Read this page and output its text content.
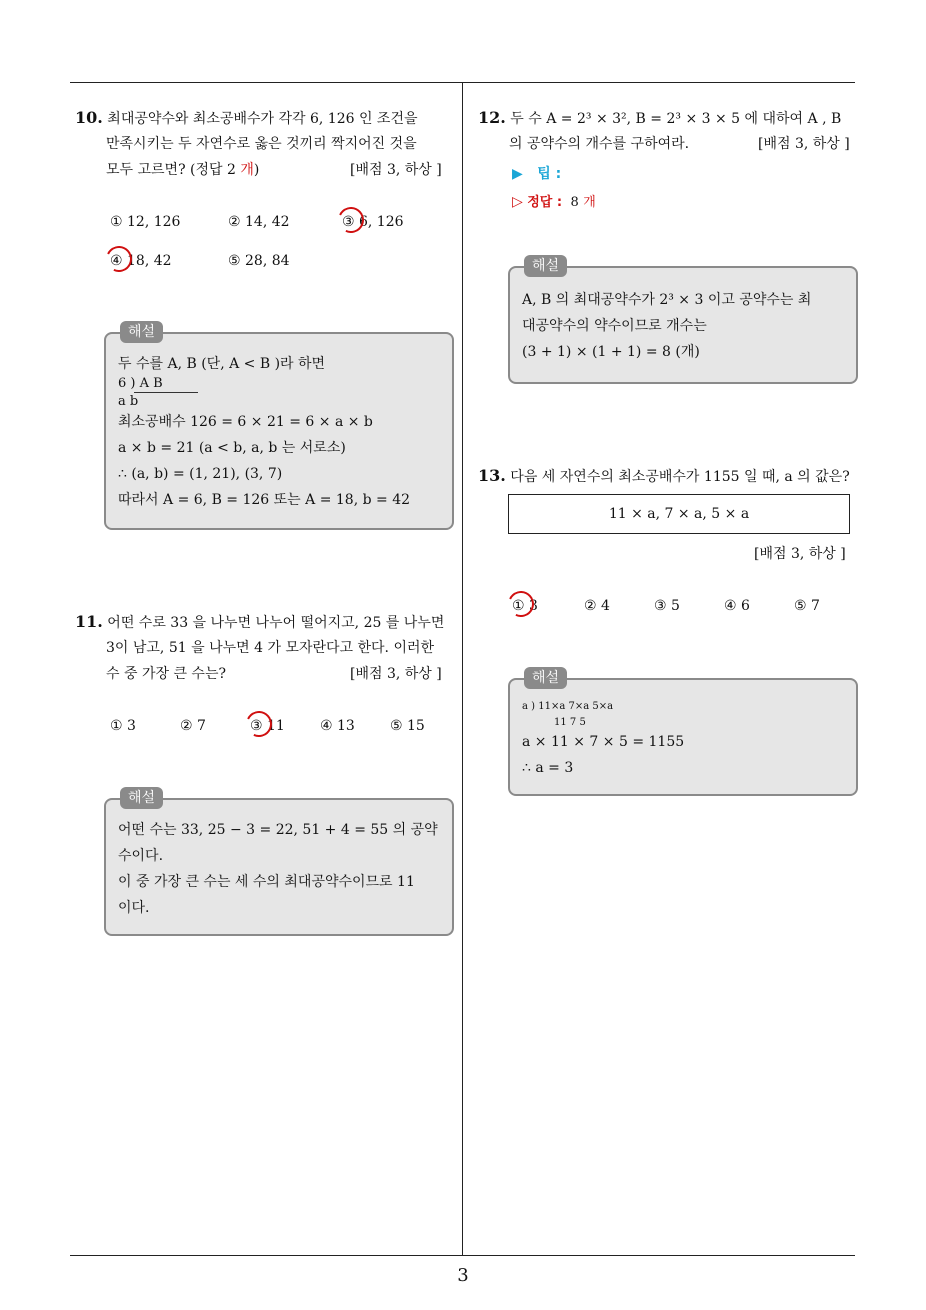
10. 최대공약수와 최소공배수가 각각 6, 126 인 조건을
만족시키는 두 자연수로 옳은 것끼리 짝지어진 것을
모두 고르면? (정답 2 개)	[배점 3, 하상 ]
① 12, 126	② 14, 42	③ 6, 126
④ 18, 42	⑤ 28, 84
해설
두 수를 A, B (단, A < B )라 하면
6 ) A B
a b
최소공배수 126 = 6 × 21 = 6 × a × b
a × b = 21 (a < b, a, b 는 서로소)
∴ (a, b) = (1, 21), (3, 7)
따라서 A = 6, B = 126 또는 A = 18, b = 42
11. 어떤 수로 33 을 나누면 나누어 떨어지고, 25 를 나누면
3이 남고, 51 을 나누면 4 가 모자란다고 한다. 이러한
수 중 가장 큰 수는?	[배점 3, 하상 ]
① 3	② 7	③ 11	④ 13	⑤ 15
해설
어떤 수는 33, 25 − 3 = 22, 51 + 4 = 55 의 공약
수이다.
이 중 가장 큰 수는 세 수의 최대공약수이므로 11
이다.
12. 두 수 A = 2³ × 3², B = 2³ × 3 × 5 에 대하여 A , B
의 공약수의 개수를 구하여라.	[배점 3, 하상 ]
▶ 팁 :
▷ 정답 : 8 개
해설
A, B 의 최대공약수가 2³ × 3 이고 공약수는 최
대공약수의 약수이므로 개수는
(3 + 1) × (1 + 1) = 8 (개)
13. 다음 세 자연수의 최소공배수가 1155 일 때, a 의 값은?
11 × a, 7 × a, 5 × a
[배점 3, 하상 ]
① 3	② 4	③ 5	④ 6	⑤ 7
해설
a ) 11×a 7×a 5×a
11 7 5
a × 11 × 7 × 5 = 1155
∴ a = 3
3
